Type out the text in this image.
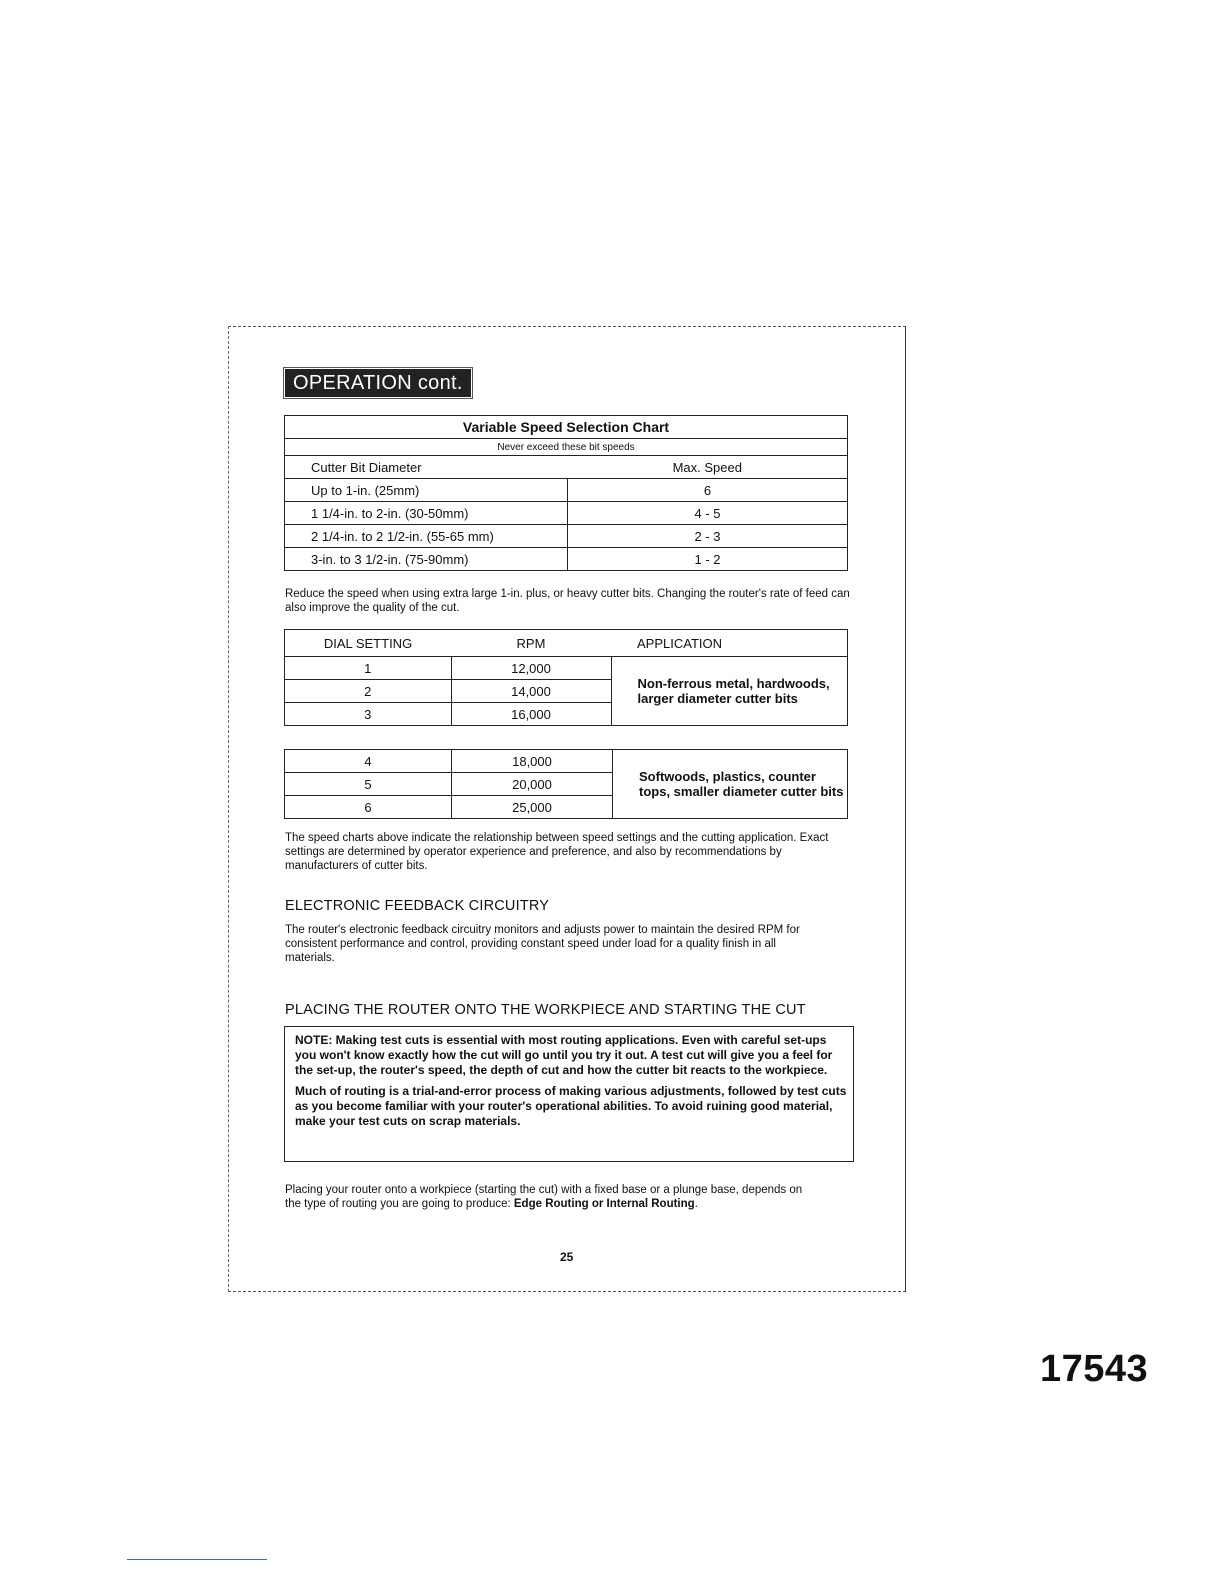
OPERATION cont.
Variable Speed Selection Chart	
Never exceed these bit speeds	
Cutter Bit Diameter	Max. Speed
Up to 1-in. (25mm)	6
1 1/4-in. to 2-in. (30-50mm)	4 - 5
2 1/4-in. to 2 1/2-in. (55-65 mm)	2 - 3
3-in. to 3 1/2-in. (75-90mm)	1 - 2

Reduce the speed when using extra large 1-in. plus, or heavy cutter bits. Changing the router's rate of feed can also improve the quality of the cut.

DIAL SETTING	RPM	APPLICATION
1	12,000	Non-ferrous metal, hardwoods, larger diameter cutter bits
2	14,000	
3	16,000	
4	18,000	Softwoods, plastics, counter tops, smaller diameter cutter bits
5	20,000	
6	25,000	

The speed charts above indicate the relationship between speed settings and the cutting application. Exact settings are determined by operator experience and preference, and also by recommendations by manufacturers of cutter bits.

ELECTRONIC FEEDBACK CIRCUITRY

The router's electronic feedback circuitry monitors and adjusts power to maintain the desired RPM for consistent performance and control, providing constant speed under load for a quality finish in all materials.

PLACING THE ROUTER ONTO THE WORKPIECE AND STARTING THE CUT

NOTE: Making test cuts is essential with most routing applications. Even with careful set-ups you won't know exactly how the cut will go until you try it out. A test cut will give you a feel for the set-up, the router's speed, the depth of cut and how the cutter bit reacts to the workpiece.

Much of routing is a trial-and-error process of making various adjustments, followed by test cuts as you become familiar with your router's operational abilities. To avoid ruining good material, make your test cuts on scrap materials.

Placing your router onto a workpiece (starting the cut) with a fixed base or a plunge base, depends on the type of routing you are going to produce: Edge Routing or Internal Routing.

25
17543
